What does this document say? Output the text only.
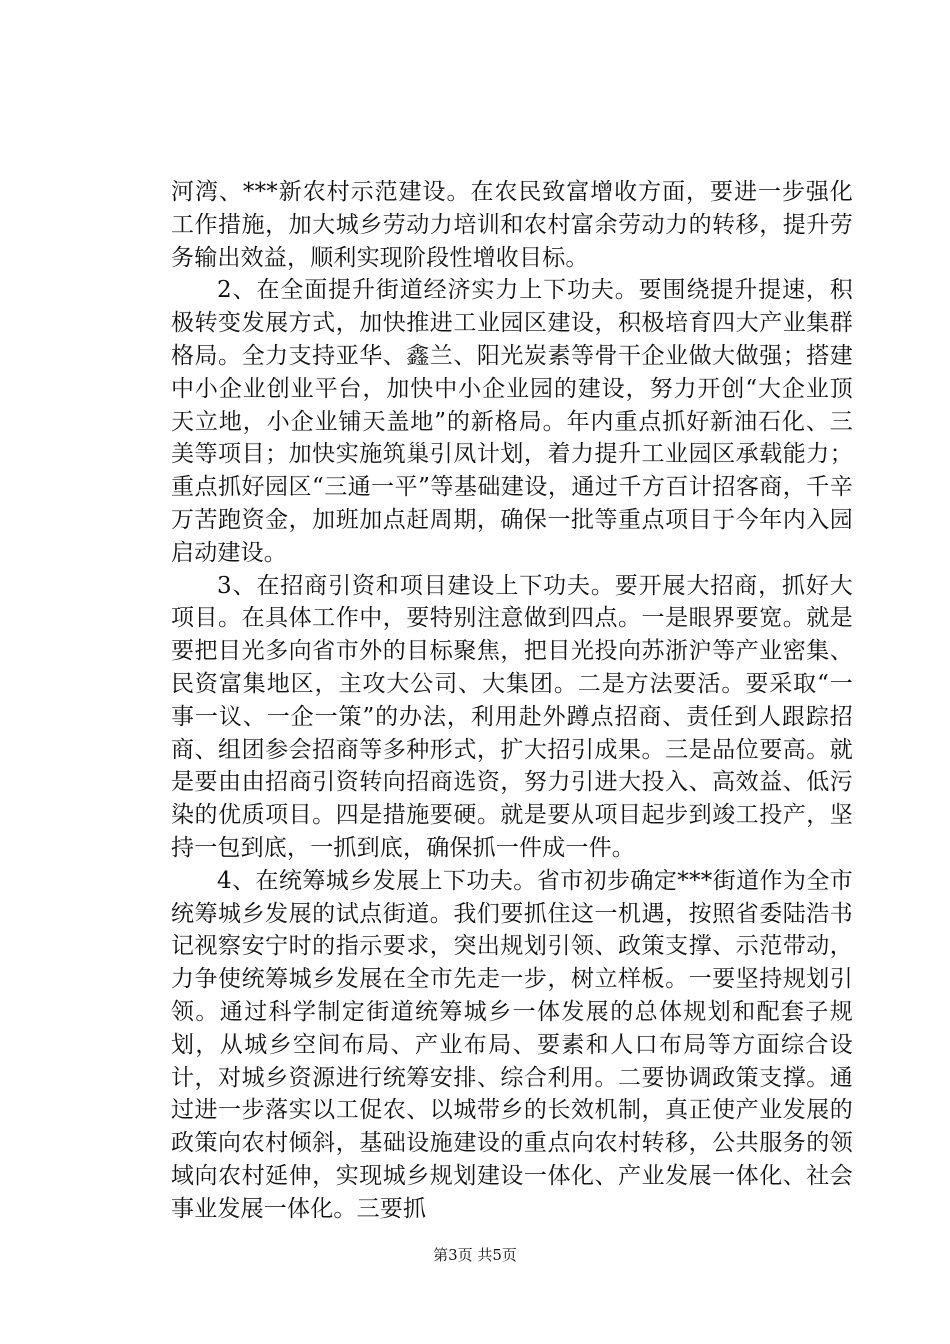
河湾、***新农村示范建设。在农民致富增收方面，要进一步强化工作措施，加大城乡劳动力培训和农村富余劳动力的转移，提升劳务输出效益，顺利实现阶段性增收目标。

2、在全面提升街道经济实力上下功夫。要围绕提升提速，积极转变发展方式，加快推进工业园区建设，积极培育四大产业集群格局。全力支持亚华、鑫兰、阳光炭素等骨干企业做大做强；搭建中小企业创业平台，加快中小企业园的建设，努力开创“大企业顶天立地，小企业铺天盖地”的新格局。年内重点抓好新油石化、三美等项目；加快实施筑巢引凤计划，着力提升工业园区承载能力；重点抓好园区“三通一平”等基础建设，通过千方百计招客商，千辛万苦跑资金，加班加点赶周期，确保一批等重点项目于今年内入园启动建设。

3、在招商引资和项目建设上下功夫。要开展大招商，抓好大项目。在具体工作中，要特别注意做到四点。一是眼界要宽。就是要把目光多向省市外的目标聚焦，把目光投向苏浙沪等产业密集、民资富集地区，主攻大公司、大集团。二是方法要活。要采取“一事一议、一企一策”的办法，利用赴外蹲点招商、责任到人跟踪招商、组团参会招商等多种形式，扩大招引成果。三是品位要高。就是要由由招商引资转向招商选资，努力引进大投入、高效益、低污染的优质项目。四是措施要硬。就是要从项目起步到竣工投产，坚持一包到底，一抓到底，确保抓一件成一件。

4、在统筹城乡发展上下功夫。省市初步确定***街道作为全市统筹城乡发展的试点街道。我们要抓住这一机遇，按照省委陆浩书记视察安宁时的指示要求，突出规划引领、政策支撑、示范带动，力争使统筹城乡发展在全市先走一步，树立样板。一要坚持规划引领。通过科学制定街道统筹城乡一体发展的总体规划和配套子规划，从城乡空间布局、产业布局、要素和人口布局等方面综合设计，对城乡资源进行统筹安排、综合利用。二要协调政策支撑。通过进一步落实以工促农、以城带乡的长效机制，真正使产业发展的政策向农村倾斜，基础设施建设的重点向农村转移，公共服务的领域向农村延伸，实现城乡规划建设一体化、产业发展一体化、社会事业发展一体化。三要抓

第3页 共5页
